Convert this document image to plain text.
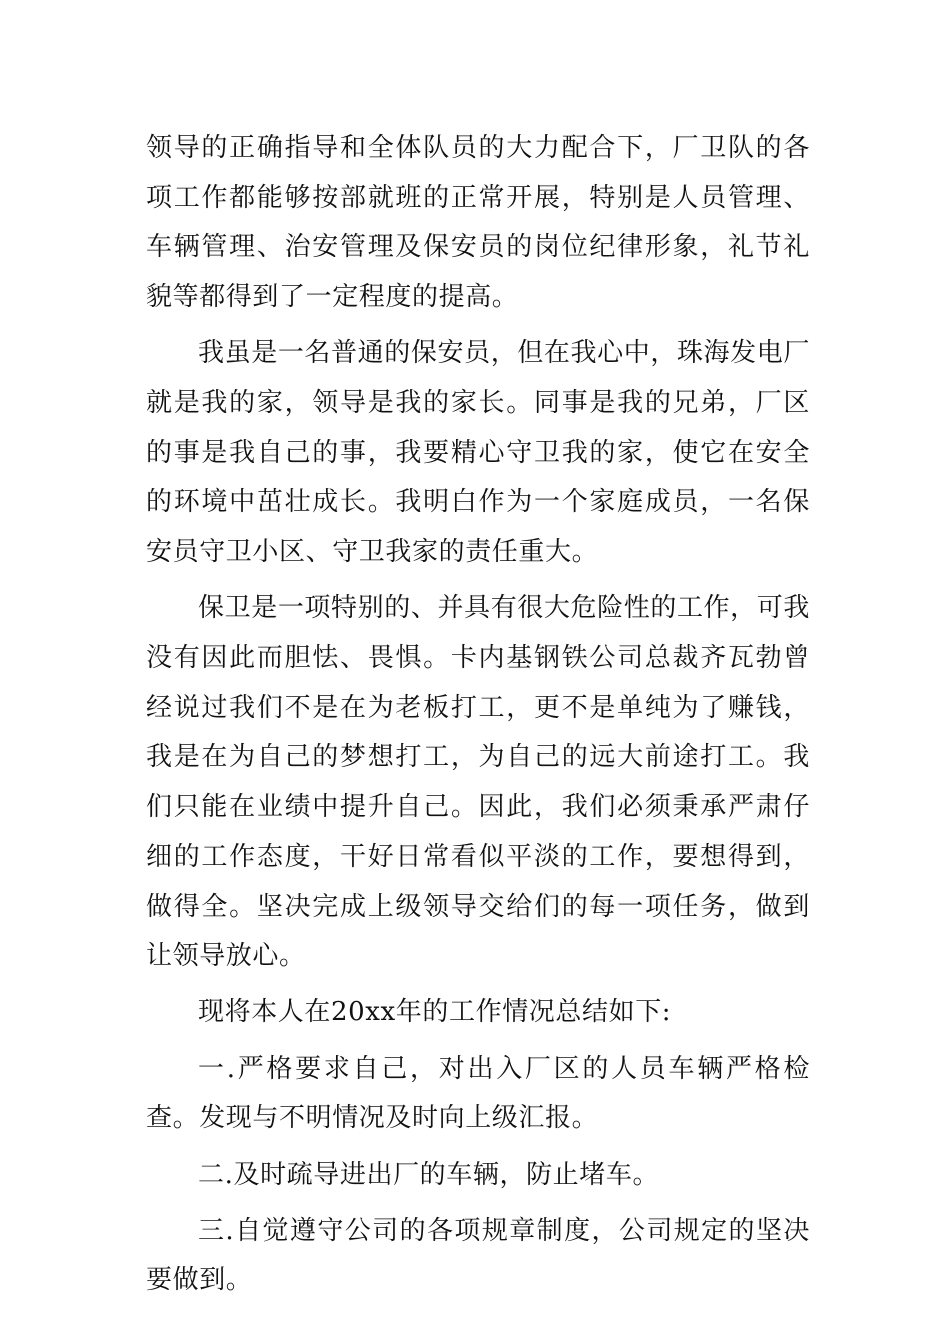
领导的正确指导和全体队员的大力配合下，厂卫队的各项工作都能够按部就班的正常开展，特别是人员管理、车辆管理、治安管理及保安员的岗位纪律形象，礼节礼貌等都得到了一定程度的提高。

我虽是一名普通的保安员，但在我心中，珠海发电厂就是我的家，领导是我的家长。同事是我的兄弟，厂区的事是我自己的事，我要精心守卫我的家，使它在安全的环境中茁壮成长。我明白作为一个家庭成员，一名保安员守卫小区、守卫我家的责任重大。

保卫是一项特别的、并具有很大危险性的工作，可我没有因此而胆怯、畏惧。卡内基钢铁公司总裁齐瓦勃曾经说过我们不是在为老板打工，更不是单纯为了赚钱，我是在为自己的梦想打工，为自己的远大前途打工。我们只能在业绩中提升自己。因此，我们必须秉承严肃仔细的工作态度，干好日常看似平淡的工作，要想得到，做得全。坚决完成上级领导交给们的每一项任务，做到让领导放心。

现将本人在20xx年的工作情况总结如下:

一.严格要求自己，对出入厂区的人员车辆严格检查。发现与不明情况及时向上级汇报。

二.及时疏导进出厂的车辆，防止堵车。

三.自觉遵守公司的各项规章制度，公司规定的坚决要做到。
